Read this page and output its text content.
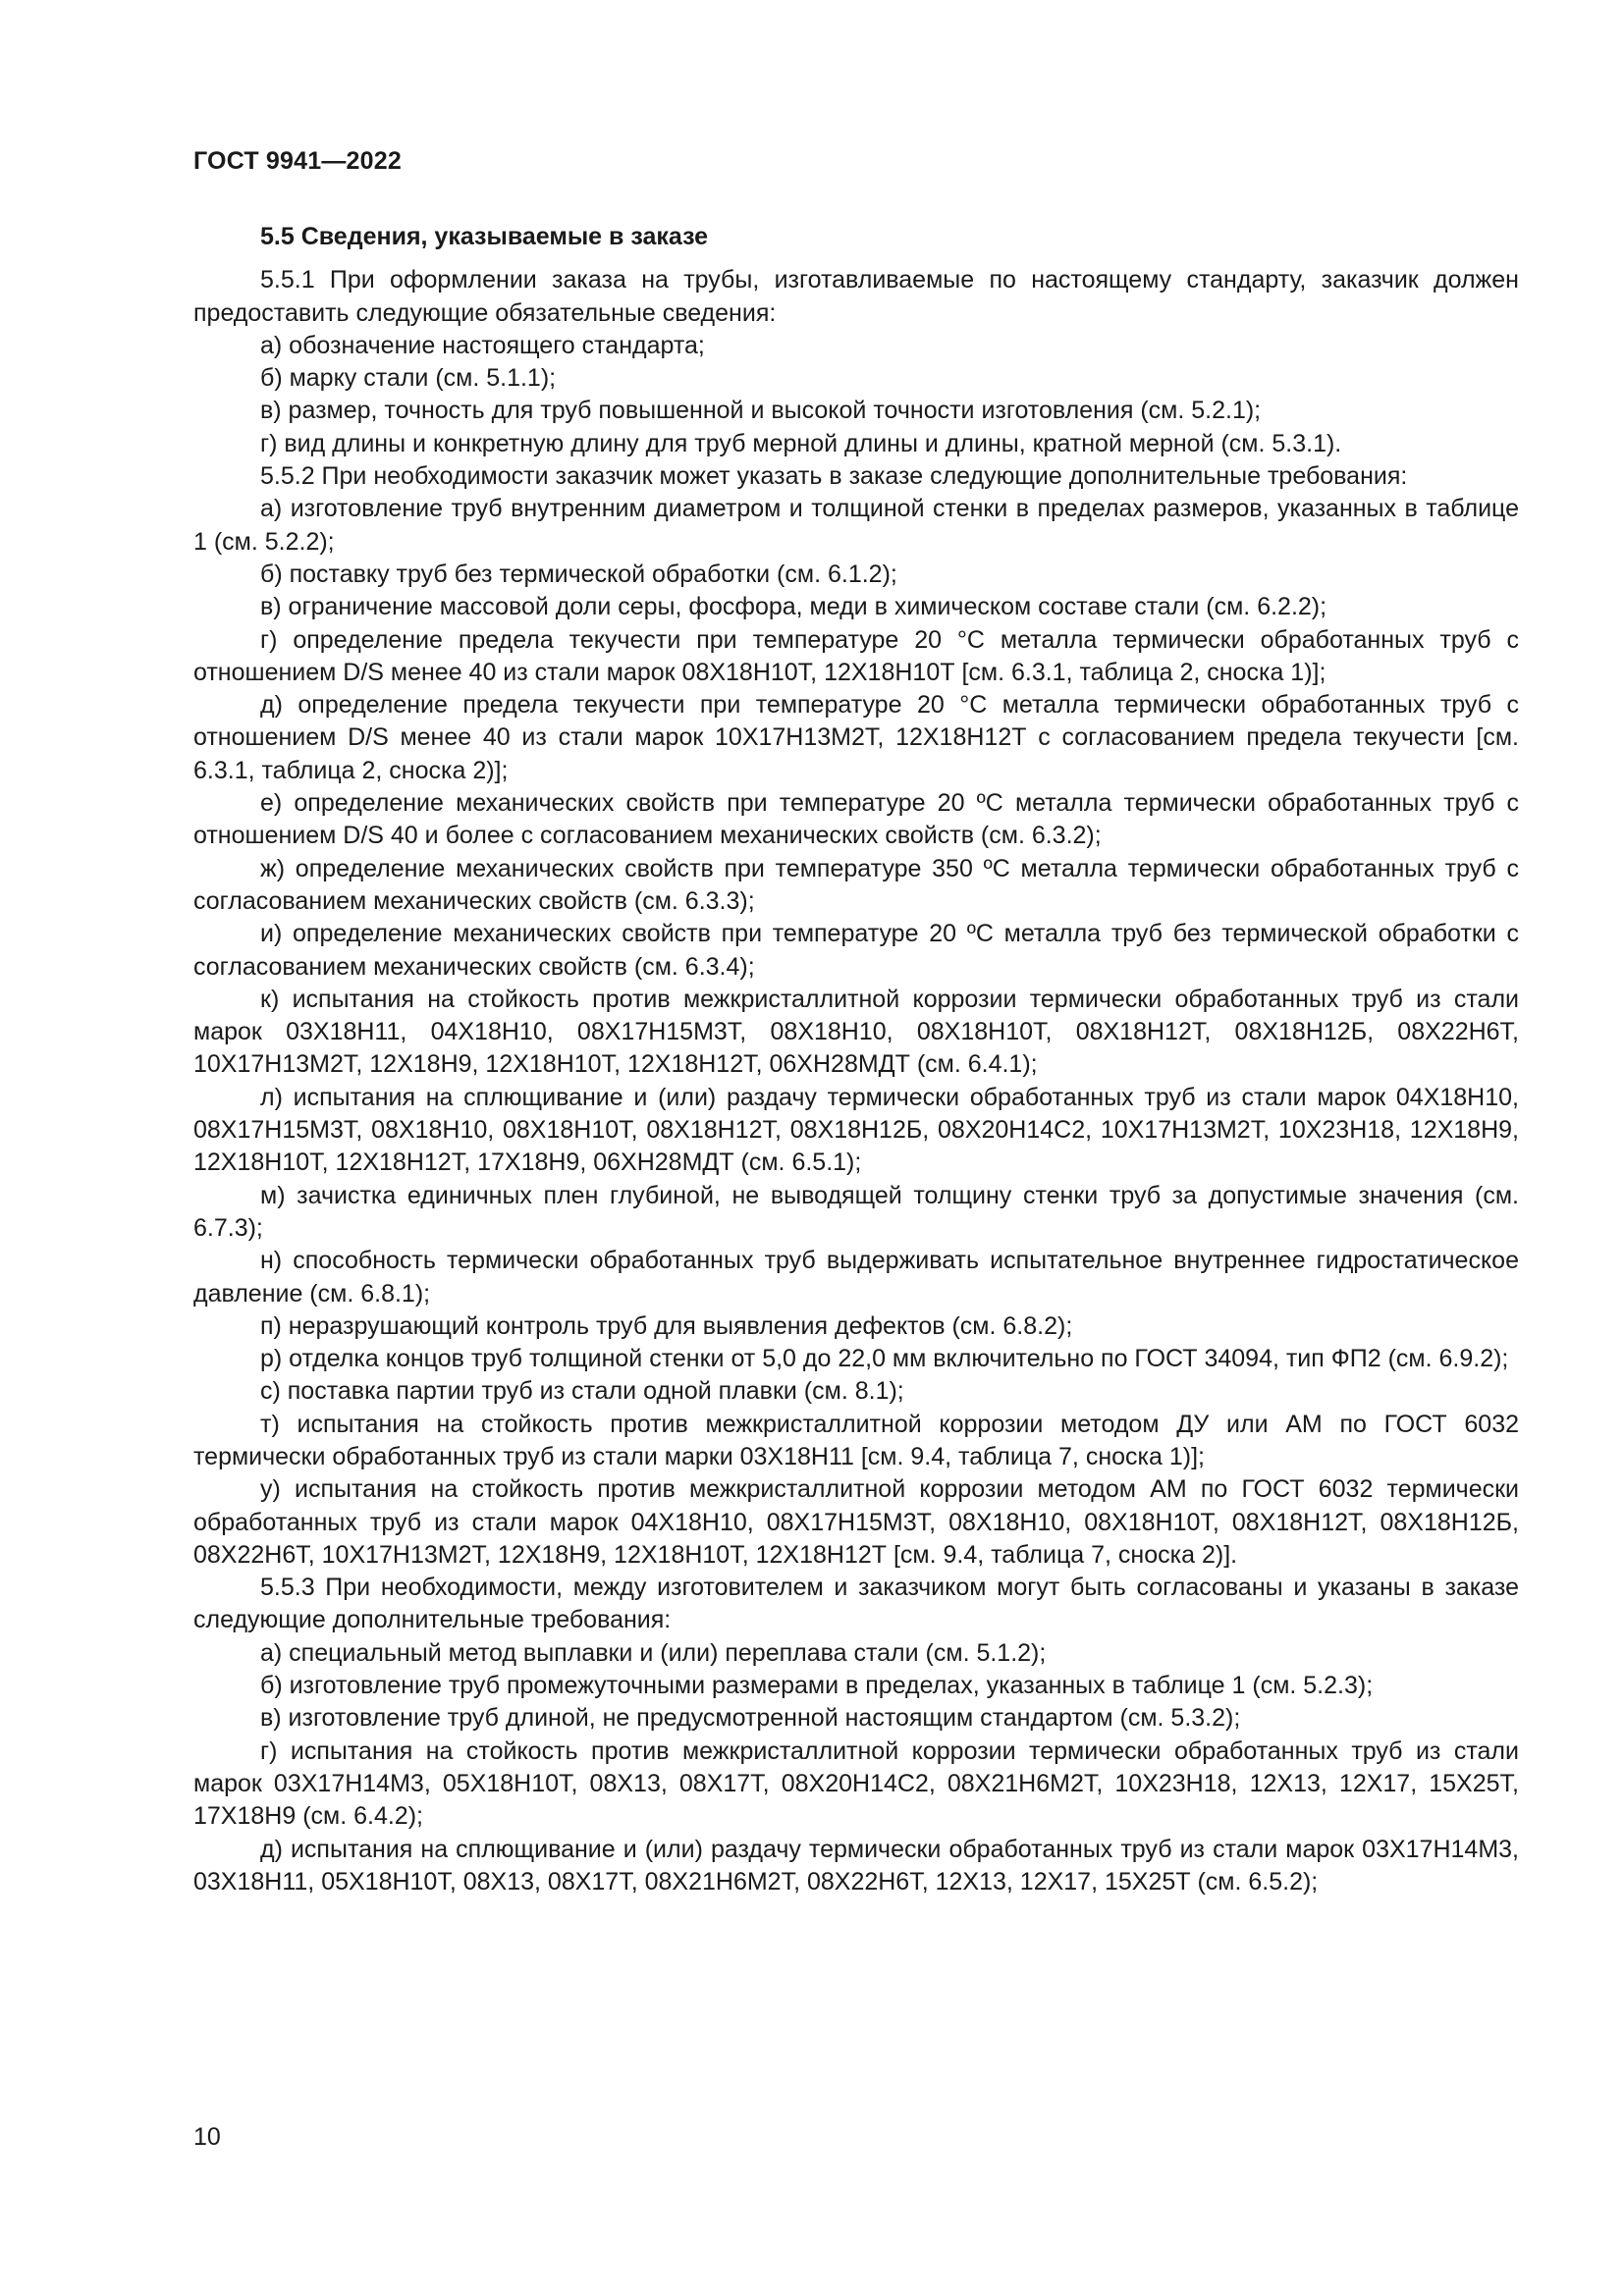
ГОСТ 9941—2022

5.5 Сведения, указываемые в заказе

5.5.1 При оформлении заказа на трубы, изготавливаемые по настоящему стандарту, заказчик должен предоставить следующие обязательные сведения:

а) обозначение настоящего стандарта;

б) марку стали (см. 5.1.1);

в) размер, точность для труб повышенной и высокой точности изготовления (см. 5.2.1);

г) вид длины и конкретную длину для труб мерной длины и длины, кратной мерной (см. 5.3.1).

5.5.2 При необходимости заказчик может указать в заказе следующие дополнительные требования:

а) изготовление труб внутренним диаметром и толщиной стенки в пределах размеров, указанных в таблице 1 (см. 5.2.2);

б) поставку труб без термической обработки (см. 6.1.2);

в) ограничение массовой доли серы, фосфора, меди в химическом составе стали (см. 6.2.2);

г) определение предела текучести при температуре 20 °С металла термически обработанных труб с отношением D/S менее 40 из стали марок 08Х18Н10Т, 12Х18Н10Т [см. 6.3.1, таблица 2, сноска 1)];

д) определение предела текучести при температуре 20 °С металла термически обработанных труб с отношением D/S менее 40 из стали марок 10Х17Н13М2Т, 12Х18Н12Т с согласованием предела текучести [см. 6.3.1, таблица 2, сноска 2)];

е) определение механических свойств при температуре 20 ºС металла термически обработанных труб с отношением D/S 40 и более с согласованием механических свойств (см. 6.3.2);

ж) определение механических свойств при температуре 350 ºС металла термически обработанных труб с согласованием механических свойств (см. 6.3.3);

и) определение механических свойств при температуре 20 ºС металла труб без термической обработки с согласованием механических свойств (см. 6.3.4);

к) испытания на стойкость против межкристаллитной коррозии термически обработанных труб из стали марок 03Х18Н11, 04Х18Н10, 08Х17Н15М3Т, 08Х18Н10, 08Х18Н10Т, 08Х18Н12Т, 08Х18Н12Б, 08Х22Н6Т, 10Х17Н13М2Т, 12Х18Н9, 12Х18Н10Т, 12Х18Н12Т, 06ХН28МДТ (см. 6.4.1);

л) испытания на сплющивание и (или) раздачу термически обработанных труб из стали марок 04Х18Н10, 08Х17Н15М3Т, 08Х18Н10, 08Х18Н10Т, 08Х18Н12Т, 08Х18Н12Б, 08Х20Н14С2, 10Х17Н13М2Т, 10Х23Н18, 12Х18Н9, 12Х18Н10Т, 12Х18Н12Т, 17Х18Н9, 06ХН28МДТ (см. 6.5.1);

м) зачистка единичных плен глубиной, не выводящей толщину стенки труб за допустимые значения (см. 6.7.3);

н) способность термически обработанных труб выдерживать испытательное внутреннее гидростатическое давление (см. 6.8.1);

п) неразрушающий контроль труб для выявления дефектов (см. 6.8.2);

р) отделка концов труб толщиной стенки от 5,0 до 22,0 мм включительно по ГОСТ 34094, тип ФП2 (см. 6.9.2);

с) поставка партии труб из стали одной плавки (см. 8.1);

т) испытания на стойкость против межкристаллитной коррозии методом ДУ или АМ по ГОСТ 6032 термически обработанных труб из стали марки 03Х18Н11 [см. 9.4, таблица 7, сноска 1)];

у) испытания на стойкость против межкристаллитной коррозии методом АМ по ГОСТ 6032 термически обработанных труб из стали марок 04Х18Н10, 08Х17Н15М3Т, 08Х18Н10, 08Х18Н10Т, 08Х18Н12Т, 08Х18Н12Б, 08Х22Н6Т, 10Х17Н13М2Т, 12Х18Н9, 12Х18Н10Т, 12Х18Н12Т [см. 9.4, таблица 7, сноска 2)].

5.5.3 При необходимости, между изготовителем и заказчиком могут быть согласованы и указаны в заказе следующие дополнительные требования:

а) специальный метод выплавки и (или) переплава стали (см. 5.1.2);

б) изготовление труб промежуточными размерами в пределах, указанных в таблице 1 (см. 5.2.3);

в) изготовление труб длиной, не предусмотренной настоящим стандартом (см. 5.3.2);

г) испытания на стойкость против межкристаллитной коррозии термически обработанных труб из стали марок 03Х17Н14М3, 05Х18Н10Т, 08Х13, 08Х17Т, 08Х20Н14С2, 08Х21Н6М2Т, 10Х23Н18, 12Х13, 12Х17, 15Х25Т, 17Х18Н9 (см. 6.4.2);

д) испытания на сплющивание и (или) раздачу термически обработанных труб из стали марок 03Х17Н14М3, 03Х18Н11, 05Х18Н10Т, 08Х13, 08Х17Т, 08Х21Н6М2Т, 08Х22Н6Т, 12Х13, 12Х17, 15Х25Т (см. 6.5.2);

10
